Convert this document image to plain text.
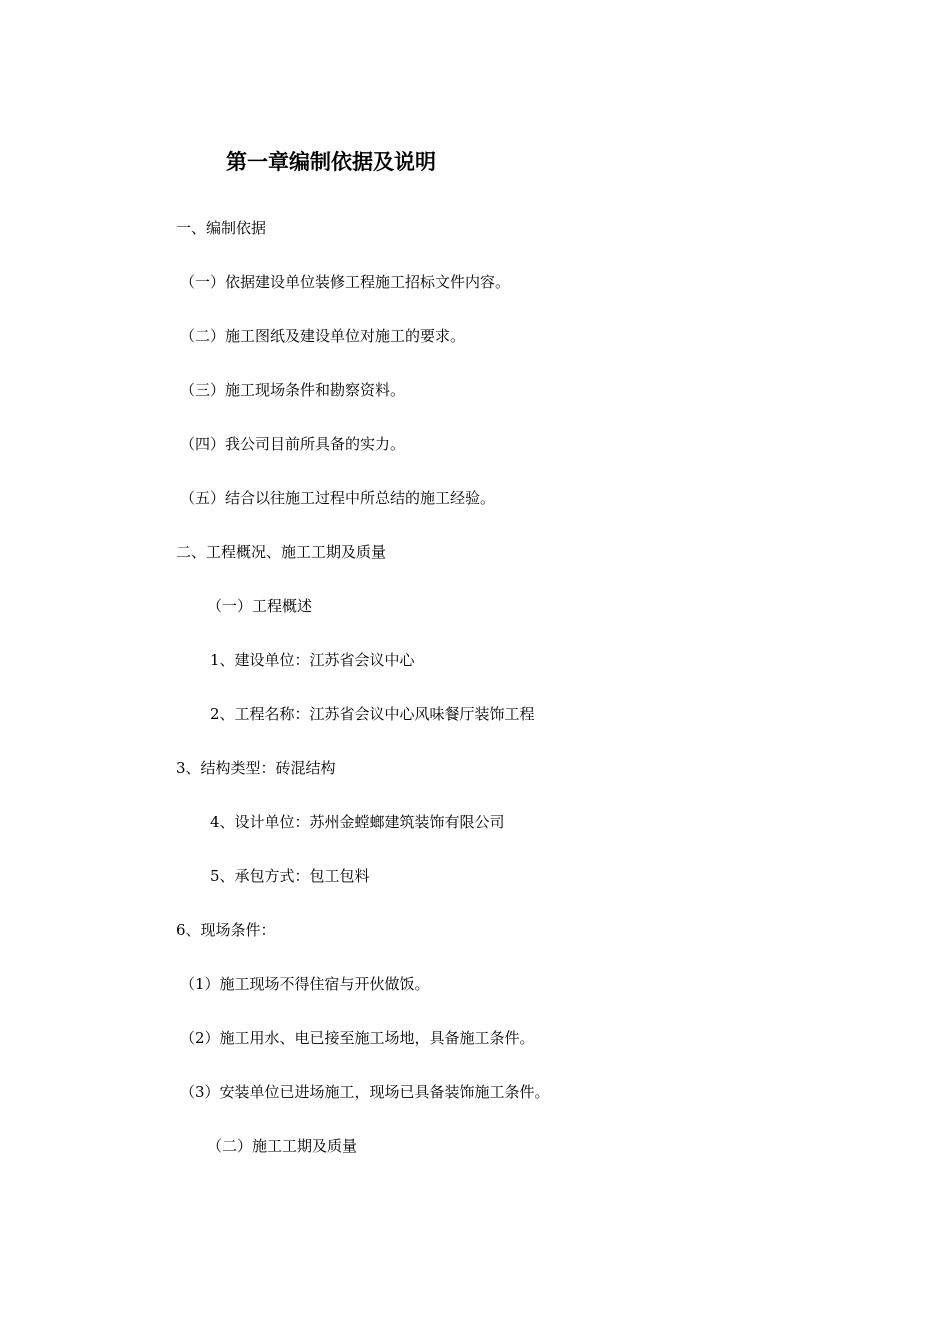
第一章编制依据及说明
一、编制依据
（一）依据建设单位装修工程施工招标文件内容。
（二）施工图纸及建设单位对施工的要求。
（三）施工现场条件和勘察资料。
（四）我公司目前所具备的实力。
（五）结合以往施工过程中所总结的施工经验。
二、工程概况、施工工期及质量
（一）工程概述
1、建设单位：江苏省会议中心
2、工程名称：江苏省会议中心风味餐厅装饰工程
3、结构类型：砖混结构
4、设计单位：苏州金螳螂建筑装饰有限公司
5、承包方式：包工包料
6、现场条件：
（1）施工现场不得住宿与开伙做饭。
（2）施工用水、电已接至施工场地，具备施工条件。
（3）安装单位已进场施工，现场已具备装饰施工条件。
（二）施工工期及质量
